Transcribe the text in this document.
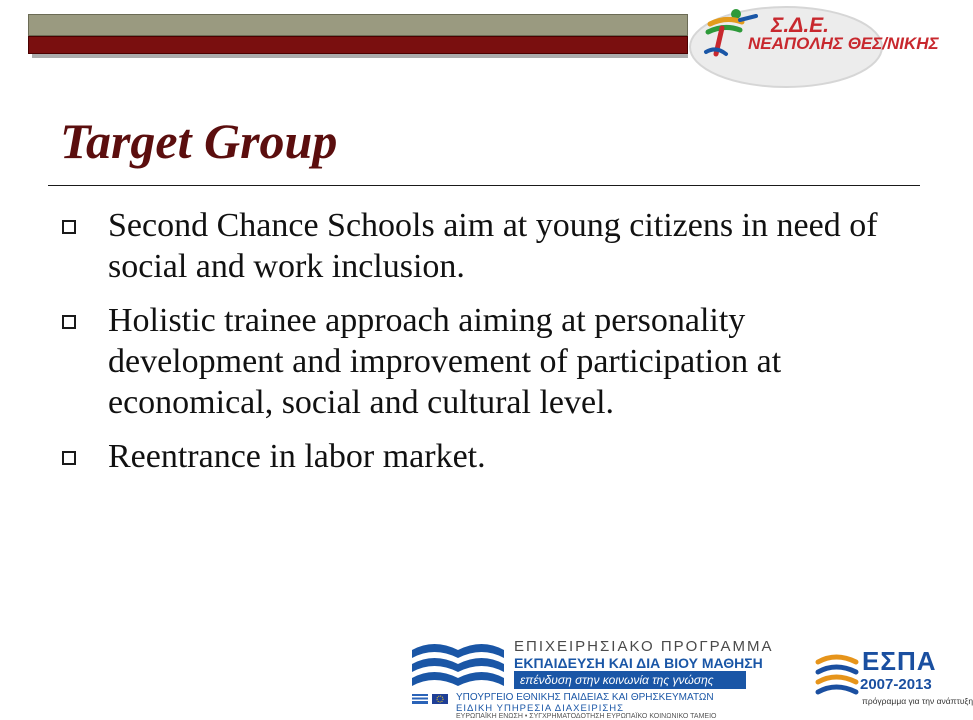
Σ.Δ.Ε.
ΝΕΑΠΟΛΗΣ ΘΕΣ/ΝΙΚΗΣ
Target Group
Second Chance Schools aim at young citizens in need of social and work inclusion.
Holistic trainee approach aiming at personality development and improvement of participation at economical, social and cultural level.
Reentrance in labor market.
ΕΠΙΧΕΙΡΗΣΙΑΚΟ ΠΡΟΓΡΑΜΜΑ
ΕΚΠΑΙΔΕΥΣΗ ΚΑΙ ΔΙΑ ΒΙΟΥ ΜΑΘΗΣΗ
επένδυση στην κοινωνία της γνώσης
ΥΠΟΥΡΓΕΙΟ ΕΘΝΙΚΗΣ ΠΑΙΔΕΙΑΣ ΚΑΙ ΘΡΗΣΚΕΥΜΑΤΩΝ
ΕΙΔΙΚΗ ΥΠΗΡΕΣΙΑ ΔΙΑΧΕΙΡΙΣΗΣ
ΕΥΡΩΠΑΪΚΗ ΕΝΩΣΗ • ΣΥΓΧΡΗΜΑΤΟΔΟΤΗΣΗ ΕΥΡΩΠΑΪΚΟ ΚΟΙΝΩΝΙΚΟ ΤΑΜΕΙΟ
ΕΣΠΑ
2007-2013
πρόγραμμα για την ανάπτυξη
